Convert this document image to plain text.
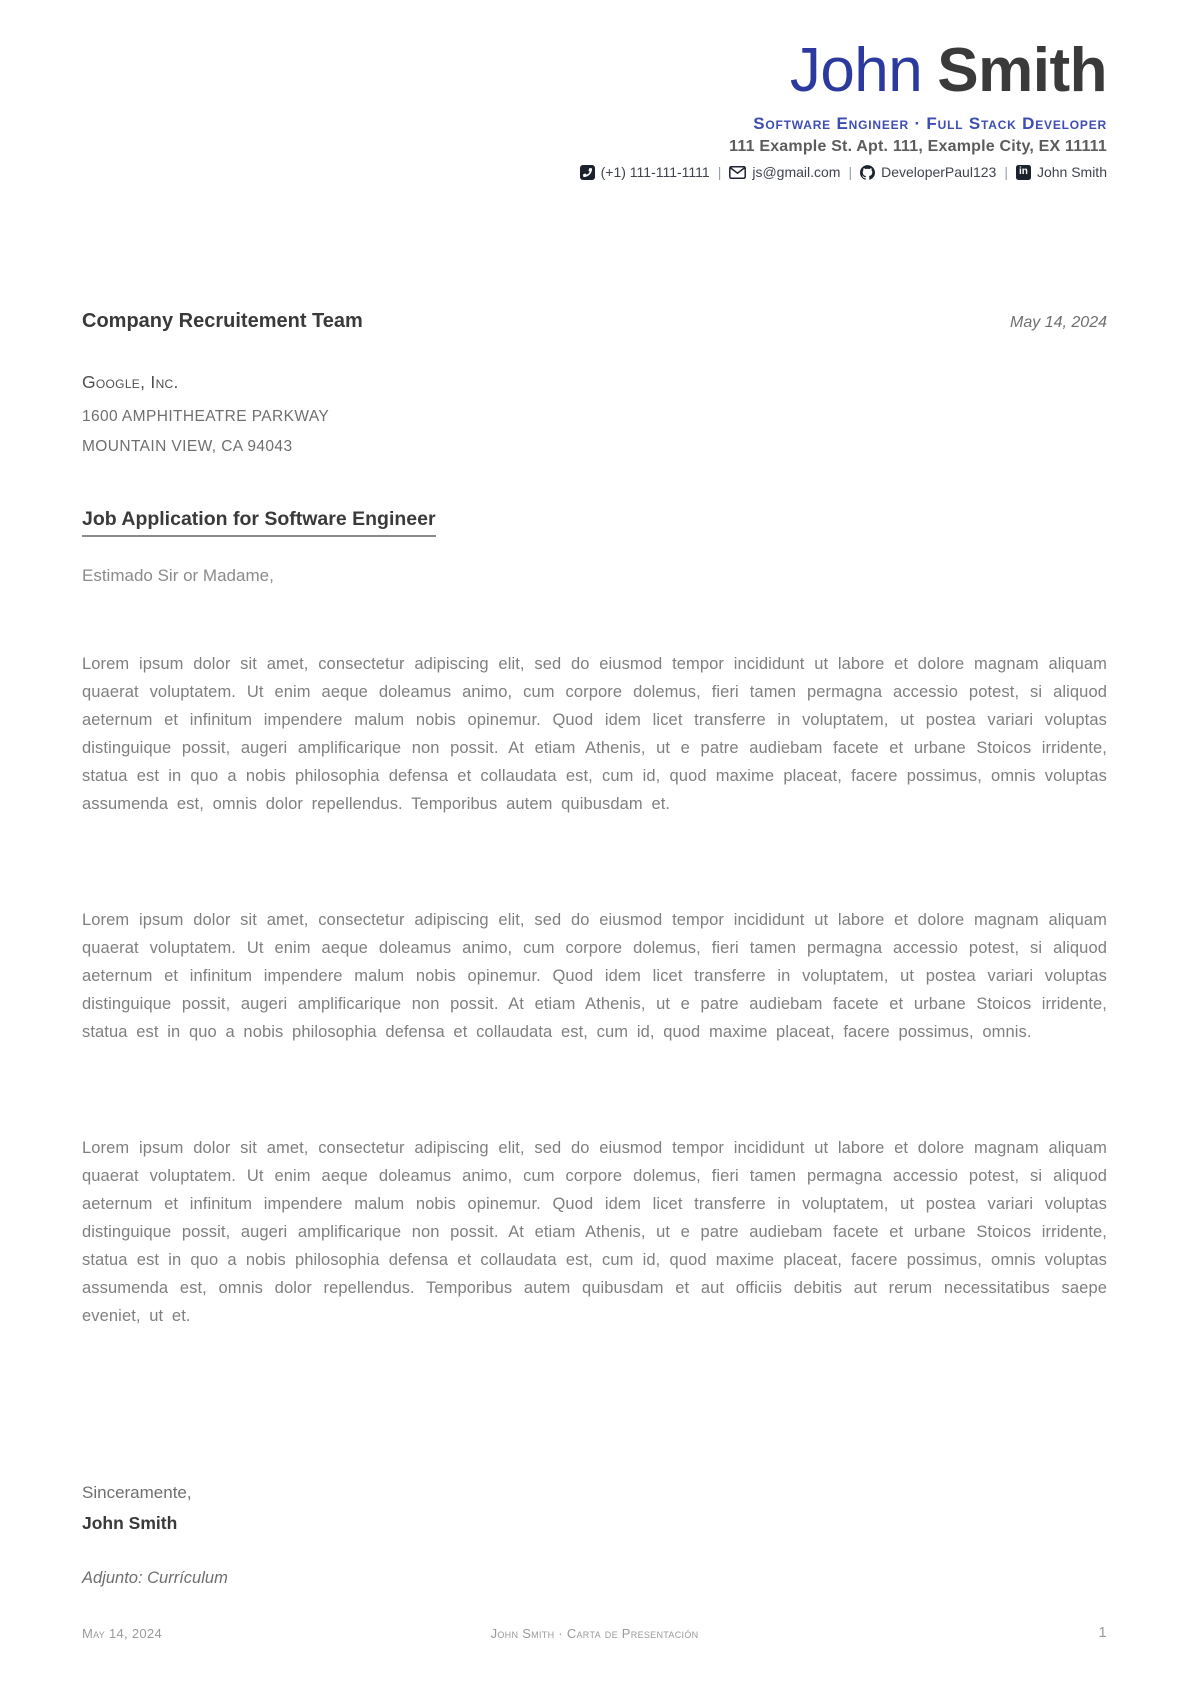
John Smith
Software Engineer · Full Stack Developer
111 Example St. Apt. 111, Example City, EX 11111
(+1) 111-111-1111 | js@gmail.com | DeveloperPaul123 |	in John Smith
Company Recruitement Team	May 14, 2024
Google, Inc.
1600 AMPHITHEATRE PARKWAY
MOUNTAIN VIEW, CA 94043
Job Application for Software Engineer
Estimado Sir or Madame,

Lorem ipsum dolor sit amet, consectetur adipiscing elit, sed do eiusmod tempor incididunt ut labore et dolore magnam aliquam quaerat voluptatem. Ut enim aeque doleamus animo, cum corpore dolemus, fieri tamen permagna accessio potest, si aliquod aeternum et infinitum impendere malum nobis opinemur. Quod idem licet transferre in voluptatem, ut postea variari voluptas distinguique possit, augeri amplificarique non possit. At etiam Athenis, ut e patre audiebam facete et urbane Stoicos irridente, statua est in quo a nobis philosophia defensa et collaudata est, cum id, quod maxime placeat, facere possimus, omnis voluptas assumenda est, omnis dolor repellendus. Temporibus autem quibusdam et.

Lorem ipsum dolor sit amet, consectetur adipiscing elit, sed do eiusmod tempor incididunt ut labore et dolore magnam aliquam quaerat voluptatem. Ut enim aeque doleamus animo, cum corpore dolemus, fieri tamen permagna accessio potest, si aliquod aeternum et infinitum impendere malum nobis opinemur. Quod idem licet transferre in voluptatem, ut postea variari voluptas distinguique possit, augeri amplificarique non possit. At etiam Athenis, ut e patre audiebam facete et urbane Stoicos irridente, statua est in quo a nobis philosophia defensa et collaudata est, cum id, quod maxime placeat, facere possimus, omnis.

Lorem ipsum dolor sit amet, consectetur adipiscing elit, sed do eiusmod tempor incididunt ut labore et dolore magnam aliquam quaerat voluptatem. Ut enim aeque doleamus animo, cum corpore dolemus, fieri tamen permagna accessio potest, si aliquod aeternum et infinitum impendere malum nobis opinemur. Quod idem licet transferre in voluptatem, ut postea variari voluptas distinguique possit, augeri amplificarique non possit. At etiam Athenis, ut e patre audiebam facete et urbane Stoicos irridente, statua est in quo a nobis philosophia defensa et collaudata est, cum id, quod maxime placeat, facere possimus, omnis voluptas assumenda est, omnis dolor repellendus. Temporibus autem quibusdam et aut officiis debitis aut rerum necessitatibus saepe eveniet, ut et.

Sinceramente,
John Smith
Adjunto: Currículum
May 14, 2024	John Smith · Carta de Presentación	1
